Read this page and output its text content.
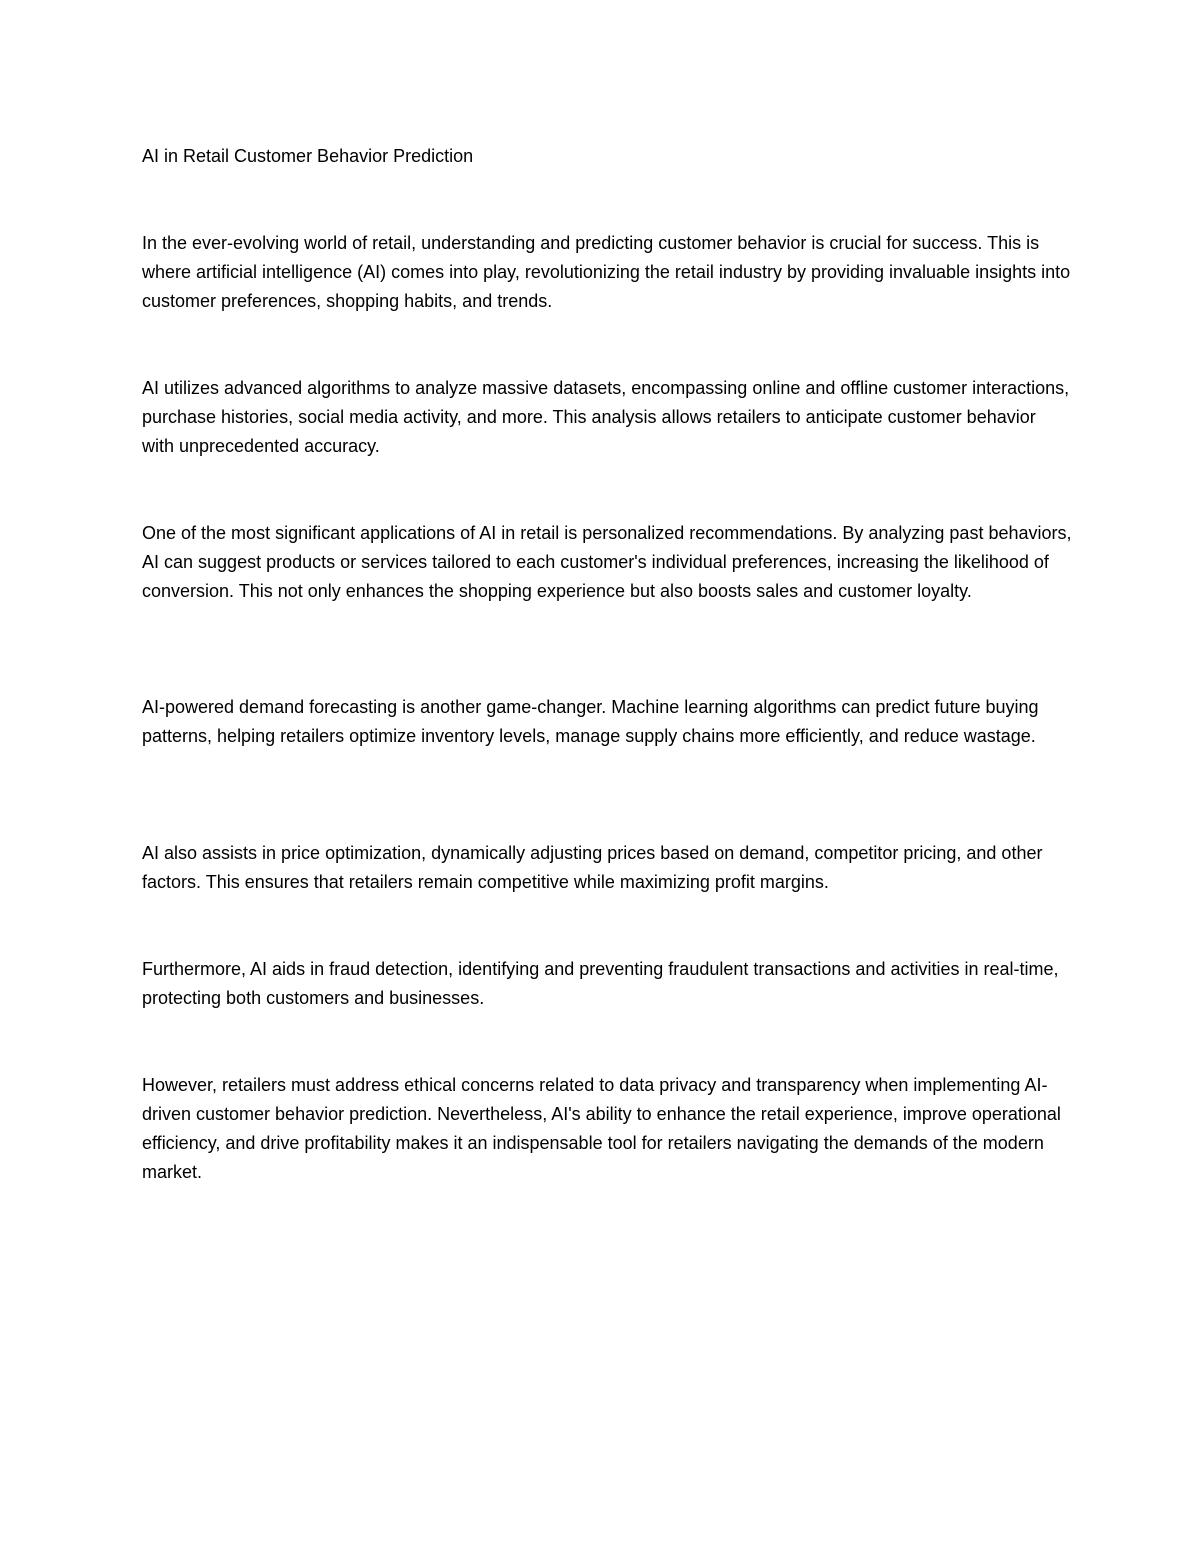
AI in Retail Customer Behavior Prediction

In the ever-evolving world of retail, understanding and predicting customer behavior is crucial for success. This is where artificial intelligence (AI) comes into play, revolutionizing the retail industry by providing invaluable insights into customer preferences, shopping habits, and trends.

AI utilizes advanced algorithms to analyze massive datasets, encompassing online and offline customer interactions, purchase histories, social media activity, and more. This analysis allows retailers to anticipate customer behavior with unprecedented accuracy.

One of the most significant applications of AI in retail is personalized recommendations. By analyzing past behaviors, AI can suggest products or services tailored to each customer's individual preferences, increasing the likelihood of conversion. This not only enhances the shopping experience but also boosts sales and customer loyalty.

AI-powered demand forecasting is another game-changer. Machine learning algorithms can predict future buying patterns, helping retailers optimize inventory levels, manage supply chains more efficiently, and reduce wastage.

AI also assists in price optimization, dynamically adjusting prices based on demand, competitor pricing, and other factors. This ensures that retailers remain competitive while maximizing profit margins.

Furthermore, AI aids in fraud detection, identifying and preventing fraudulent transactions and activities in real-time, protecting both customers and businesses.

However, retailers must address ethical concerns related to data privacy and transparency when implementing AI-driven customer behavior prediction. Nevertheless, AI's ability to enhance the retail experience, improve operational efficiency, and drive profitability makes it an indispensable tool for retailers navigating the demands of the modern market.
